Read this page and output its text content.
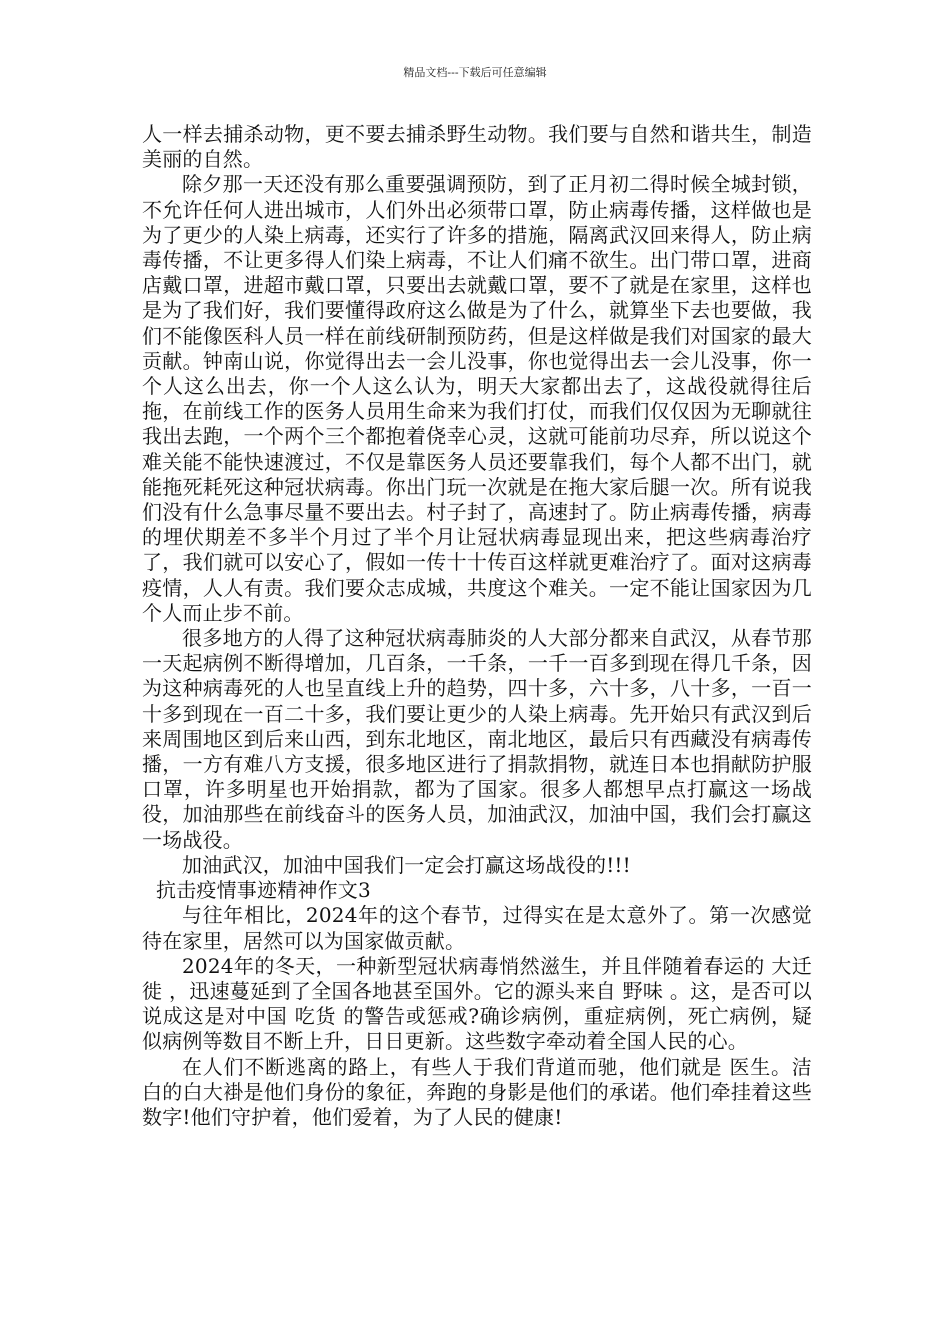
精品文档---下载后可任意编辑

人一样去捕杀动物，更不要去捕杀野生动物。我们要与自然和谐共生，制造美丽的自然。

除夕那一天还没有那么重要强调预防，到了正月初二得时候全城封锁，不允许任何人进出城市，人们外出必须带口罩，防止病毒传播，这样做也是为了更少的人染上病毒，还实行了许多的措施，隔离武汉回来得人，防止病毒传播，不让更多得人们染上病毒，不让人们痛不欲生。出门带口罩，进商店戴口罩，进超市戴口罩，只要出去就戴口罩，要不了就是在家里，这样也是为了我们好，我们要懂得政府这么做是为了什么，就算坐下去也要做，我们不能像医科人员一样在前线研制预防药，但是这样做是我们对国家的最大贡献。钟南山说，你觉得出去一会儿没事，你也觉得出去一会儿没事，你一个人这么出去，你一个人这么认为，明天大家都出去了，这战役就得往后拖，在前线工作的医务人员用生命来为我们打仗，而我们仅仅因为无聊就往我出去跑，一个两个三个都抱着侥幸心灵，这就可能前功尽弃，所以说这个难关能不能快速渡过，不仅是靠医务人员还要靠我们，每个人都不出门，就能拖死耗死这种冠状病毒。你出门玩一次就是在拖大家后腿一次。所有说我们没有什么急事尽量不要出去。村子封了，高速封了。防止病毒传播，病毒的埋伏期差不多半个月过了半个月让冠状病毒显现出来，把这些病毒治疗了，我们就可以安心了，假如一传十十传百这样就更难治疗了。面对这病毒疫情，人人有责。我们要众志成城，共度这个难关。一定不能让国家因为几个人而止步不前。

很多地方的人得了这种冠状病毒肺炎的人大部分都来自武汉，从春节那一天起病例不断得增加，几百条，一千条，一千一百多到现在得几千条，因为这种病毒死的人也呈直线上升的趋势，四十多，六十多，八十多，一百一十多到现在一百二十多，我们要让更少的人染上病毒。先开始只有武汉到后来周围地区到后来山西，到东北地区，南北地区，最后只有西藏没有病毒传播，一方有难八方支援，很多地区进行了捐款捐物，就连日本也捐献防护服口罩，许多明星也开始捐款，都为了国家。很多人都想早点打赢这一场战役，加油那些在前线奋斗的医务人员，加油武汉，加油中国，我们会打赢这一场战役。

加油武汉，加油中国我们一定会打赢这场战役的!!!

抗击疫情事迹精神作文3

与往年相比，2024年的这个春节，过得实在是太意外了。第一次感觉待在家里，居然可以为国家做贡献。

2024年的冬天，一种新型冠状病毒悄然滋生，并且伴随着春运的 大迁徙 ，迅速蔓延到了全国各地甚至国外。它的源头来自 野味 。这，是否可以说成这是对中国 吃货 的警告或惩戒?确诊病例，重症病例，死亡病例，疑似病例等数目不断上升，日日更新。这些数字牵动着全国人民的心。

在人们不断逃离的路上，有些人于我们背道而驰，他们就是 医生。洁白的白大褂是他们身份的象征，奔跑的身影是他们的承诺。他们牵挂着这些数字!他们守护着，他们爱着，为了人民的健康!
